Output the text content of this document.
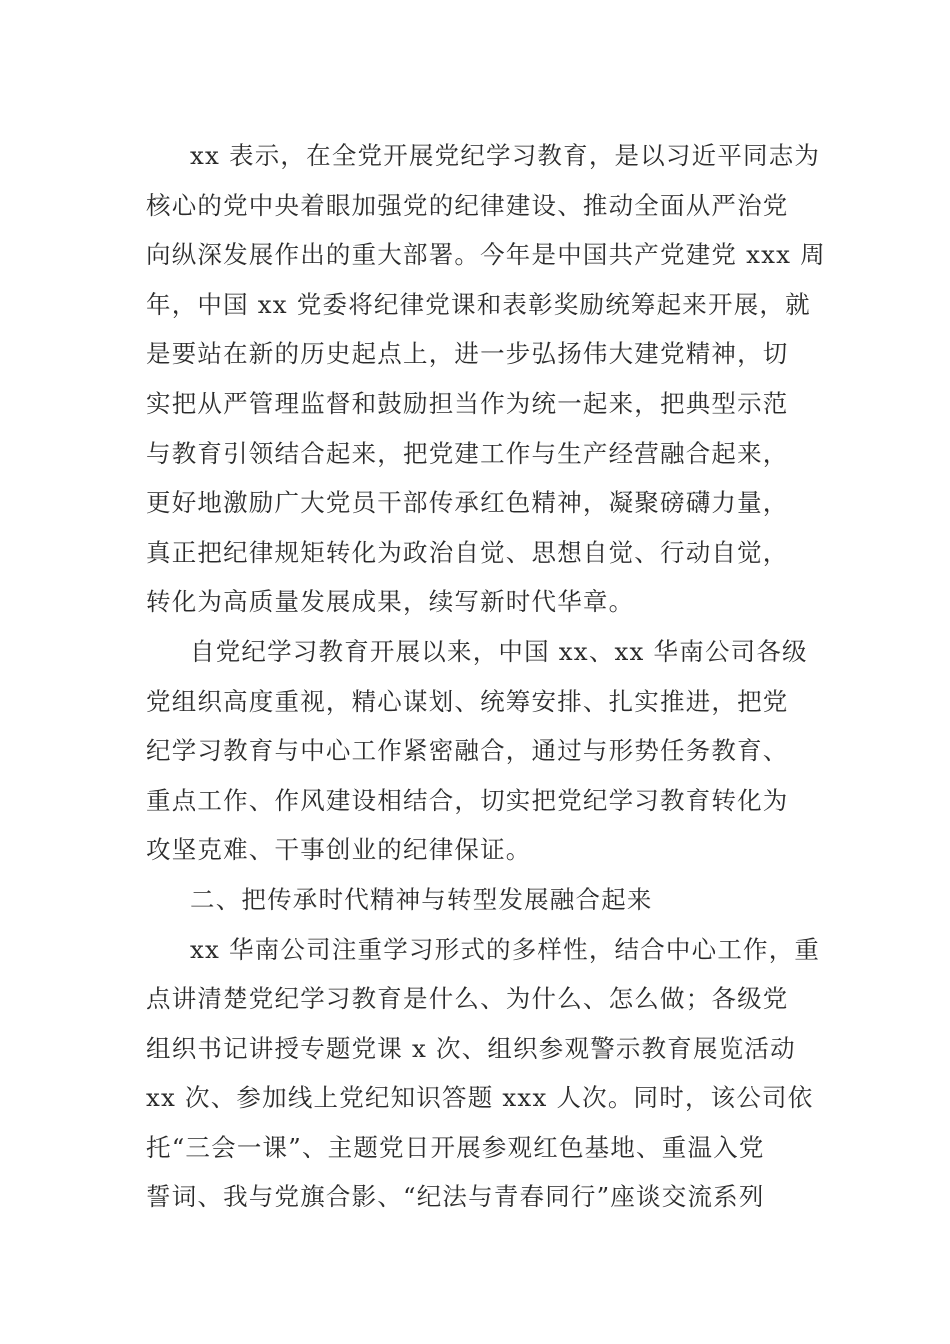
xx 表示，在全党开展党纪学习教育，是以习近平同志为
核心的党中央着眼加强党的纪律建设、推动全面从严治党
向纵深发展作出的重大部署。今年是中国共产党建党 xxx 周
年，中国 xx 党委将纪律党课和表彰奖励统筹起来开展，就
是要站在新的历史起点上，进一步弘扬伟大建党精神，切
实把从严管理监督和鼓励担当作为统一起来，把典型示范
与教育引领结合起来，把党建工作与生产经营融合起来，
更好地激励广大党员干部传承红色精神，凝聚磅礴力量，
真正把纪律规矩转化为政治自觉、思想自觉、行动自觉，
转化为高质量发展成果，续写新时代华章。

自党纪学习教育开展以来，中国 xx、xx 华南公司各级
党组织高度重视，精心谋划、统筹安排、扎实推进，把党
纪学习教育与中心工作紧密融合，通过与形势任务教育、
重点工作、作风建设相结合，切实把党纪学习教育转化为
攻坚克难、干事创业的纪律保证。

二、把传承时代精神与转型发展融合起来

xx 华南公司注重学习形式的多样性，结合中心工作，重
点讲清楚党纪学习教育是什么、为什么、怎么做；各级党
组织书记讲授专题党课 x 次、组织参观警示教育展览活动
xx 次、参加线上党纪知识答题 xxx 人次。同时，该公司依
托“三会一课”、主题党日开展参观红色基地、重温入党
誓词、我与党旗合影、“纪法与青春同行”座谈交流系列
